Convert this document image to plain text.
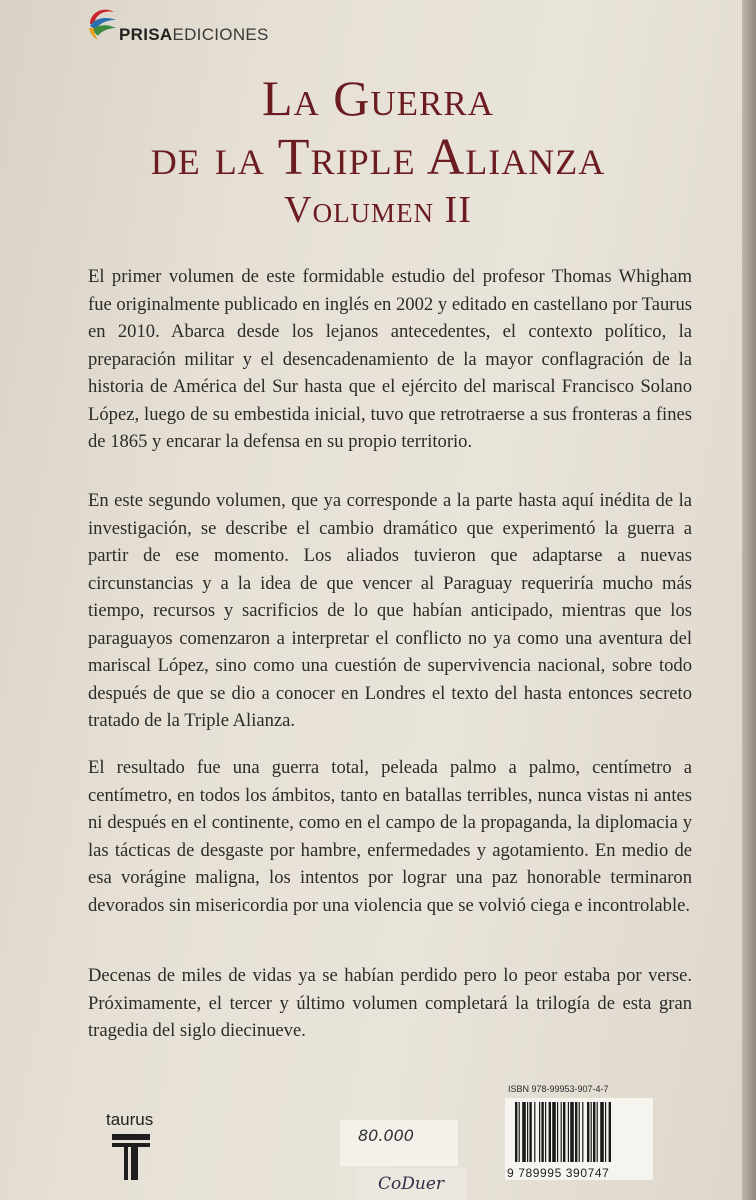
PRISAEDICIONES
La Guerra
de la Triple Alianza
Volumen II
El primer volumen de este formidable estudio del profesor Thomas Whigham fue originalmente publicado en inglés en 2002 y editado en castellano por Taurus en 2010. Abarca desde los lejanos antecedentes, el contexto político, la preparación militar y el desencadenamiento de la mayor conflagración de la historia de América del Sur hasta que el ejército del mariscal Francisco Solano López, luego de su embestida inicial, tuvo que retrotraerse a sus fronteras a fines de 1865 y encarar la defensa en su propio territorio.
En este segundo volumen, que ya corresponde a la parte hasta aquí inédita de la investigación, se describe el cambio dramático que experimentó la guerra a partir de ese momento. Los aliados tuvieron que adaptarse a nuevas circunstancias y a la idea de que vencer al Paraguay requeriría mucho más tiempo, recursos y sacrificios de lo que habían anticipado, mientras que los paraguayos comenzaron a interpretar el conflicto no ya como una aventura del mariscal López, sino como una cuestión de supervivencia nacional, sobre todo después de que se dio a conocer en Londres el texto del hasta entonces secreto tratado de la Triple Alianza.
El resultado fue una guerra total, peleada palmo a palmo, centímetro a centímetro, en todos los ámbitos, tanto en batallas terribles, nunca vistas ni antes ni después en el continente, como en el campo de la propaganda, la diplomacia y las tácticas de desgaste por hambre, enfermedades y agotamiento. En medio de esa vorágine maligna, los intentos por lograr una paz honorable terminaron devorados sin misericordia por una violencia que se volvió ciega e incontrolable.
Decenas de miles de vidas ya se habían perdido pero lo peor estaba por verse. Próximamente, el tercer y último volumen completará la trilogía de esta gran tragedia del siglo diecinueve.
ISBN 978-99953-907-4-7
9 789995 390747
taurus
80.000
CoDuer
